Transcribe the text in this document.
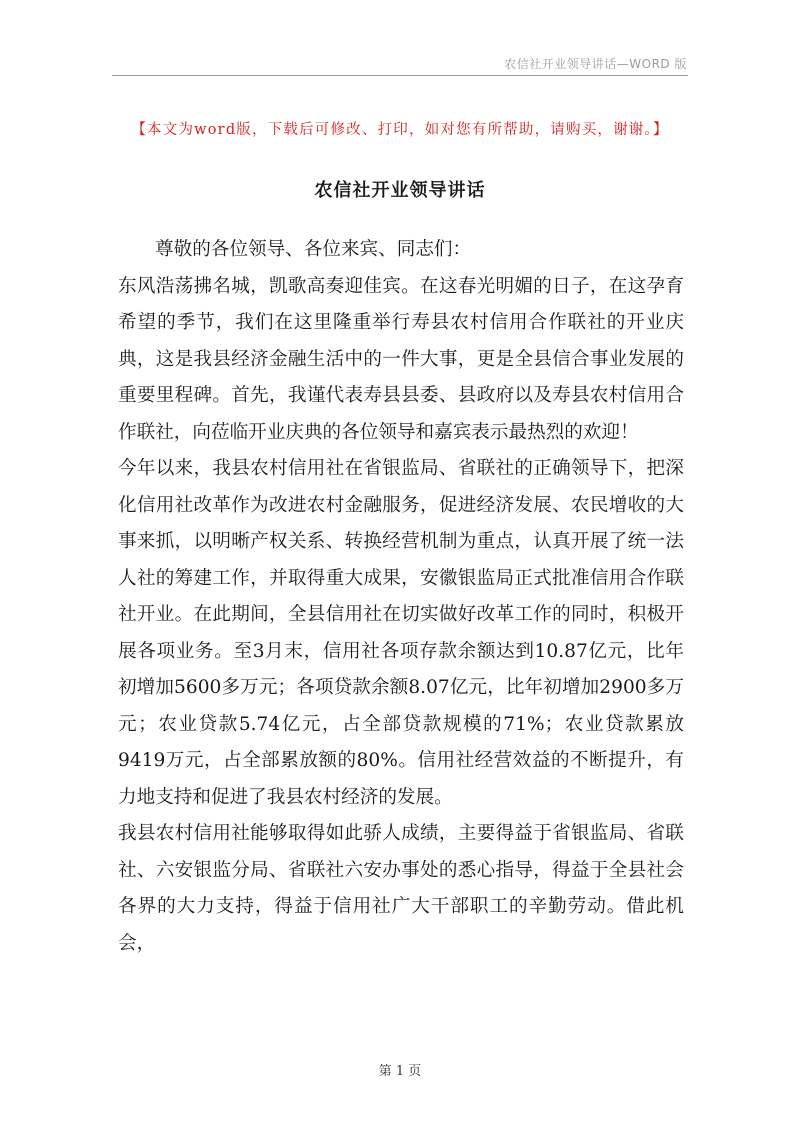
农信社开业领导讲话—WORD 版
【本文为word版，下载后可修改、打印，如对您有所帮助，请购买，谢谢。】
农信社开业领导讲话

尊敬的各位领导、各位来宾、同志们：

东风浩荡拂名城，凯歌高奏迎佳宾。在这春光明媚的日子，在这孕育希望的季节，我们在这里隆重举行寿县农村信用合作联社的开业庆典，这是我县经济金融生活中的一件大事，更是全县信合事业发展的重要里程碑。首先，我谨代表寿县县委、县政府以及寿县农村信用合作联社，向莅临开业庆典的各位领导和嘉宾表示最热烈的欢迎！

今年以来，我县农村信用社在省银监局、省联社的正确领导下，把深化信用社改革作为改进农村金融服务，促进经济发展、农民增收的大事来抓，以明晰产权关系、转换经营机制为重点，认真开展了统一法人社的筹建工作，并取得重大成果，安徽银监局正式批准信用合作联社开业。在此期间，全县信用社在切实做好改革工作的同时，积极开展各项业务。至3月末，信用社各项存款余额达到10.87亿元，比年初增加5600多万元；各项贷款余额8.07亿元，比年初增加2900多万元；农业贷款5.74亿元，占全部贷款规模的71%；农业贷款累放9419万元，占全部累放额的80%。信用社经营效益的不断提升，有力地支持和促进了我县农村经济的发展。

我县农村信用社能够取得如此骄人成绩，主要得益于省银监局、省联社、六安银监分局、省联社六安办事处的悉心指导，得益于全县社会各界的大力支持，得益于信用社广大干部职工的辛勤劳动。借此机会，

第 1 页
